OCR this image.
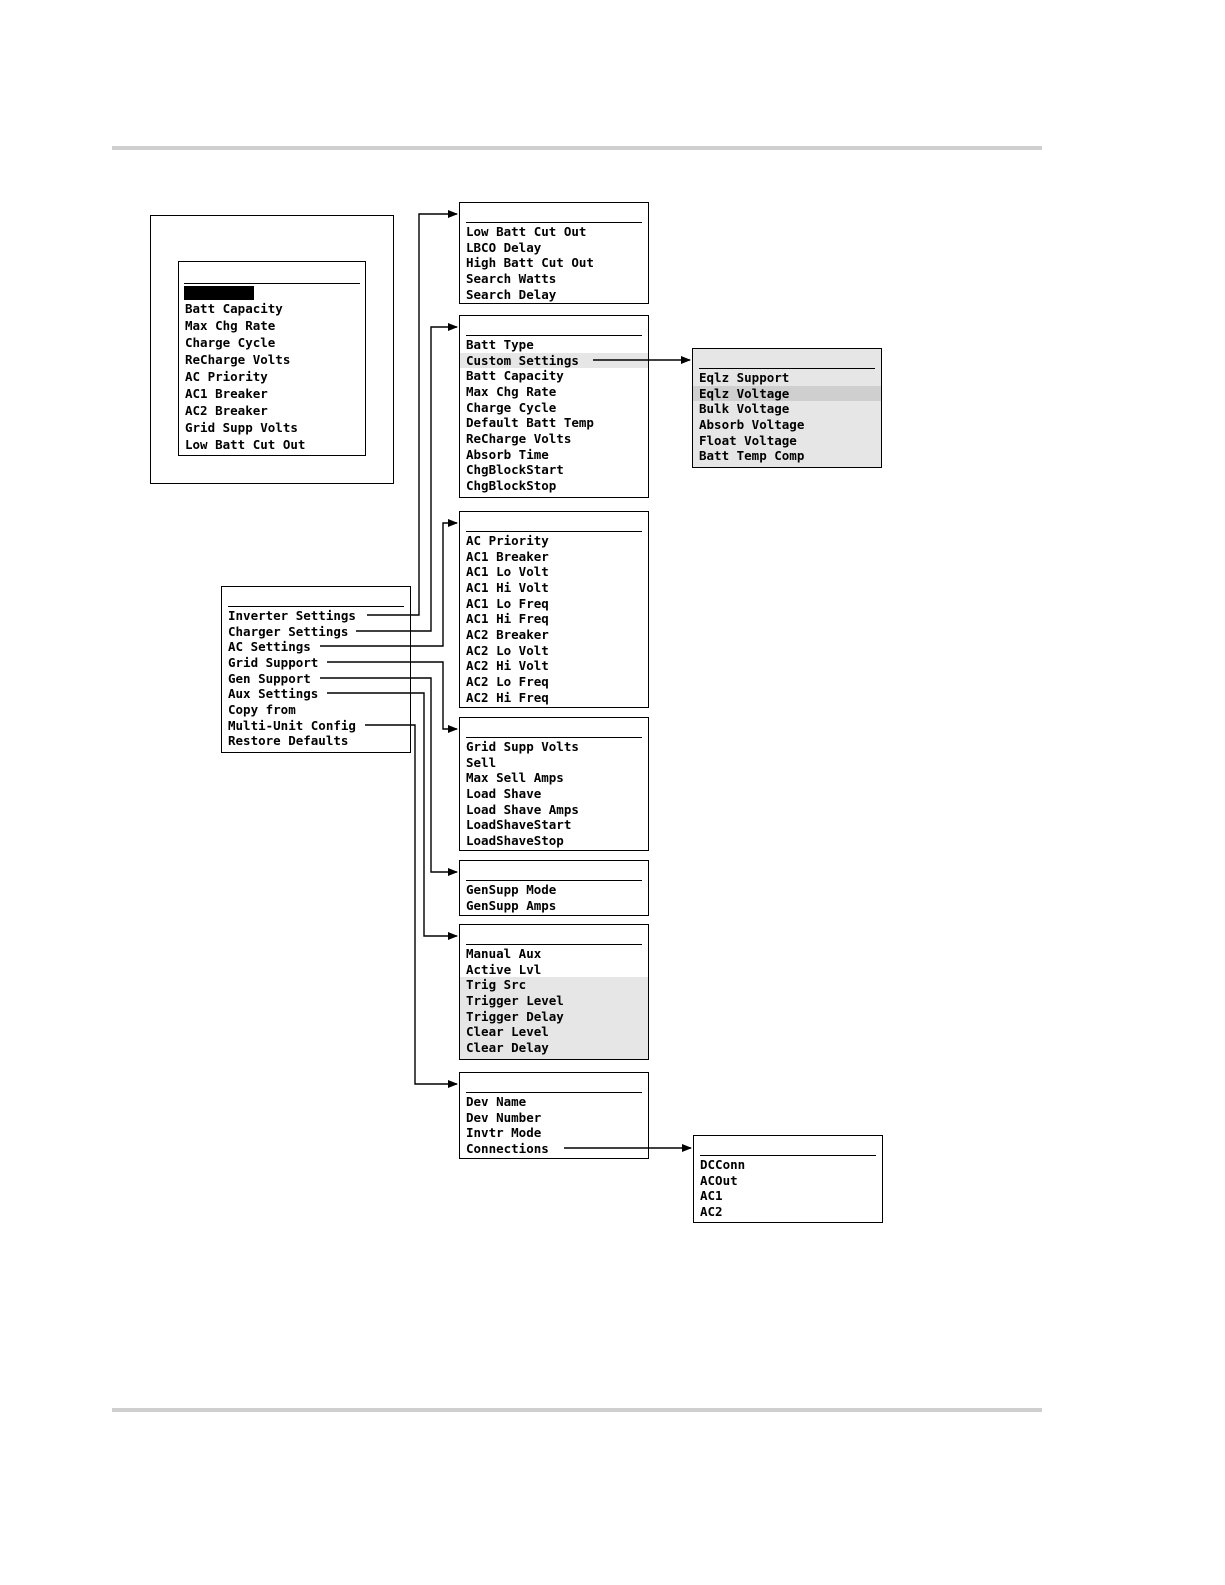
Batt Capacity
Max Chg Rate
Charge Cycle
ReCharge Volts
AC Priority
AC1 Breaker
AC2 Breaker
Grid Supp Volts
Low Batt Cut Out
Inverter Settings
Charger Settings
AC Settings
Grid Support
Gen Support
Aux Settings
Copy from
Multi-Unit Config
Restore Defaults
Low Batt Cut Out
LBCO Delay
High Batt Cut Out
Search Watts
Search Delay
Batt Type
Custom Settings
Batt Capacity
Max Chg Rate
Charge Cycle
Default Batt Temp
ReCharge Volts
Absorb Time
ChgBlockStart
ChgBlockStop
Eqlz Support
Eqlz Voltage
Bulk Voltage
Absorb Voltage
Float Voltage
Batt Temp Comp
AC Priority
AC1 Breaker
AC1 Lo Volt
AC1 Hi Volt
AC1 Lo Freq
AC1 Hi Freq
AC2 Breaker
AC2 Lo Volt
AC2 Hi Volt
AC2 Lo Freq
AC2 Hi Freq
Grid Supp Volts
Sell
Max Sell Amps
Load Shave
Load Shave Amps
LoadShaveStart
LoadShaveStop
GenSupp Mode
GenSupp Amps
Manual Aux
Active Lvl
Trig Src
Trigger Level
Trigger Delay
Clear Level
Clear Delay
Dev Name
Dev Number
Invtr Mode
Connections
DCConn
ACOut
AC1
AC2
